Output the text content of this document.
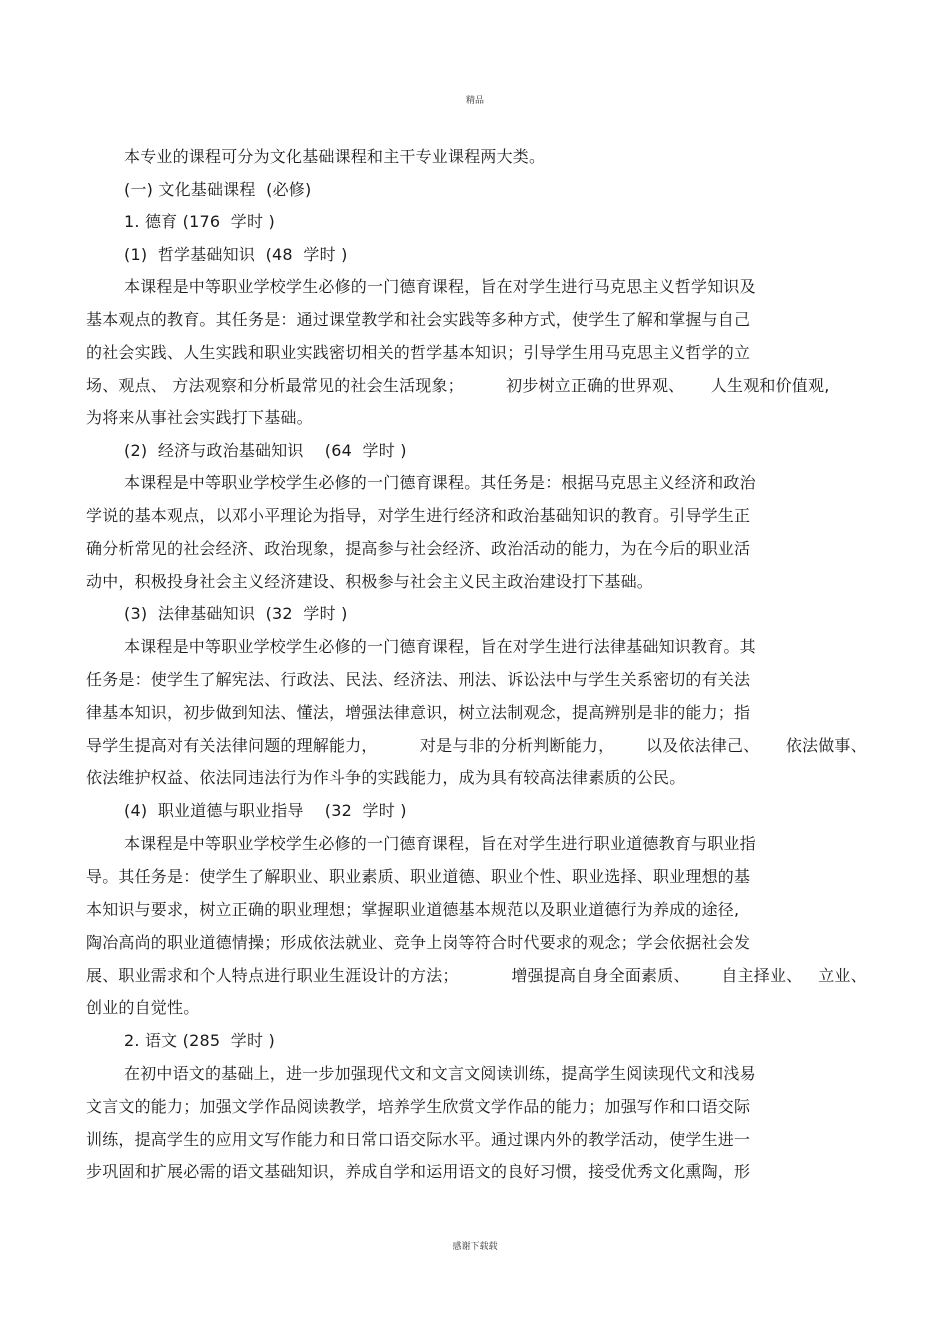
精品
本专业的课程可分为文化基础课程和主干专业课程两大类。
(一) 文化基础课程  (必修)
1. 德育 (176  学时 )
(1)  哲学基础知识  (48  学时 )
本课程是中等职业学校学生必修的一门德育课程，旨在对学生进行马克思主义哲学知识及
基本观点的教育。其任务是：通过课堂教学和社会实践等多种方式，使学生了解和掌握与自己
的社会实践、人生实践和职业实践密切相关的哲学基本知识；引导学生用马克思主义哲学的立
场、观点、 方法观察和分析最常见的社会生活现象；        初步树立正确的世界观、     人生观和价值观,
为将来从事社会实践打下基础。
(2)  经济与政治基础知识    (64  学时 )
本课程是中等职业学校学生必修的一门德育课程。其任务是：根据马克思主义经济和政治
学说的基本观点，以邓小平理论为指导，对学生进行经济和政治基础知识的教育。引导学生正
确分析常见的社会经济、政治现象，提高参与社会经济、政治活动的能力，为在今后的职业活
动中，积极投身社会主义经济建设、积极参与社会主义民主政治建设打下基础。
(3)  法律基础知识  (32  学时 )
本课程是中等职业学校学生必修的一门德育课程，旨在对学生进行法律基础知识教育。其
任务是：使学生了解宪法、行政法、民法、经济法、刑法、诉讼法中与学生关系密切的有关法
律基本知识，初步做到知法、懂法，增强法律意识，树立法制观念，提高辨别是非的能力；指
导学生提高对有关法律问题的理解能力，        对是与非的分析判断能力，      以及依法律己、     依法做事、
依法维护权益、依法同违法行为作斗争的实践能力，成为具有较高法律素质的公民。
(4)  职业道德与职业指导    (32  学时 )
本课程是中等职业学校学生必修的一门德育课程，旨在对学生进行职业道德教育与职业指
导。其任务是：使学生了解职业、职业素质、职业道德、职业个性、职业选择、职业理想的基
本知识与要求，树立正确的职业理想；掌握职业道德基本规范以及职业道德行为养成的途径,
陶冶高尚的职业道德情操；形成依法就业、竞争上岗等符合时代要求的观念；学会依据社会发
展、职业需求和个人特点进行职业生涯设计的方法；          增强提高自身全面素质、      自主择业、   立业、
创业的自觉性。
2. 语文 (285  学时 )
在初中语文的基础上，进一步加强现代文和文言文阅读训练，提高学生阅读现代文和浅易
文言文的能力；加强文学作品阅读教学，培养学生欣赏文学作品的能力；加强写作和口语交际
训练，提高学生的应用文写作能力和日常口语交际水平。通过课内外的教学活动，使学生进一
步巩固和扩展必需的语文基础知识，养成自学和运用语文的良好习惯，接受优秀文化熏陶，形
感谢下载载
